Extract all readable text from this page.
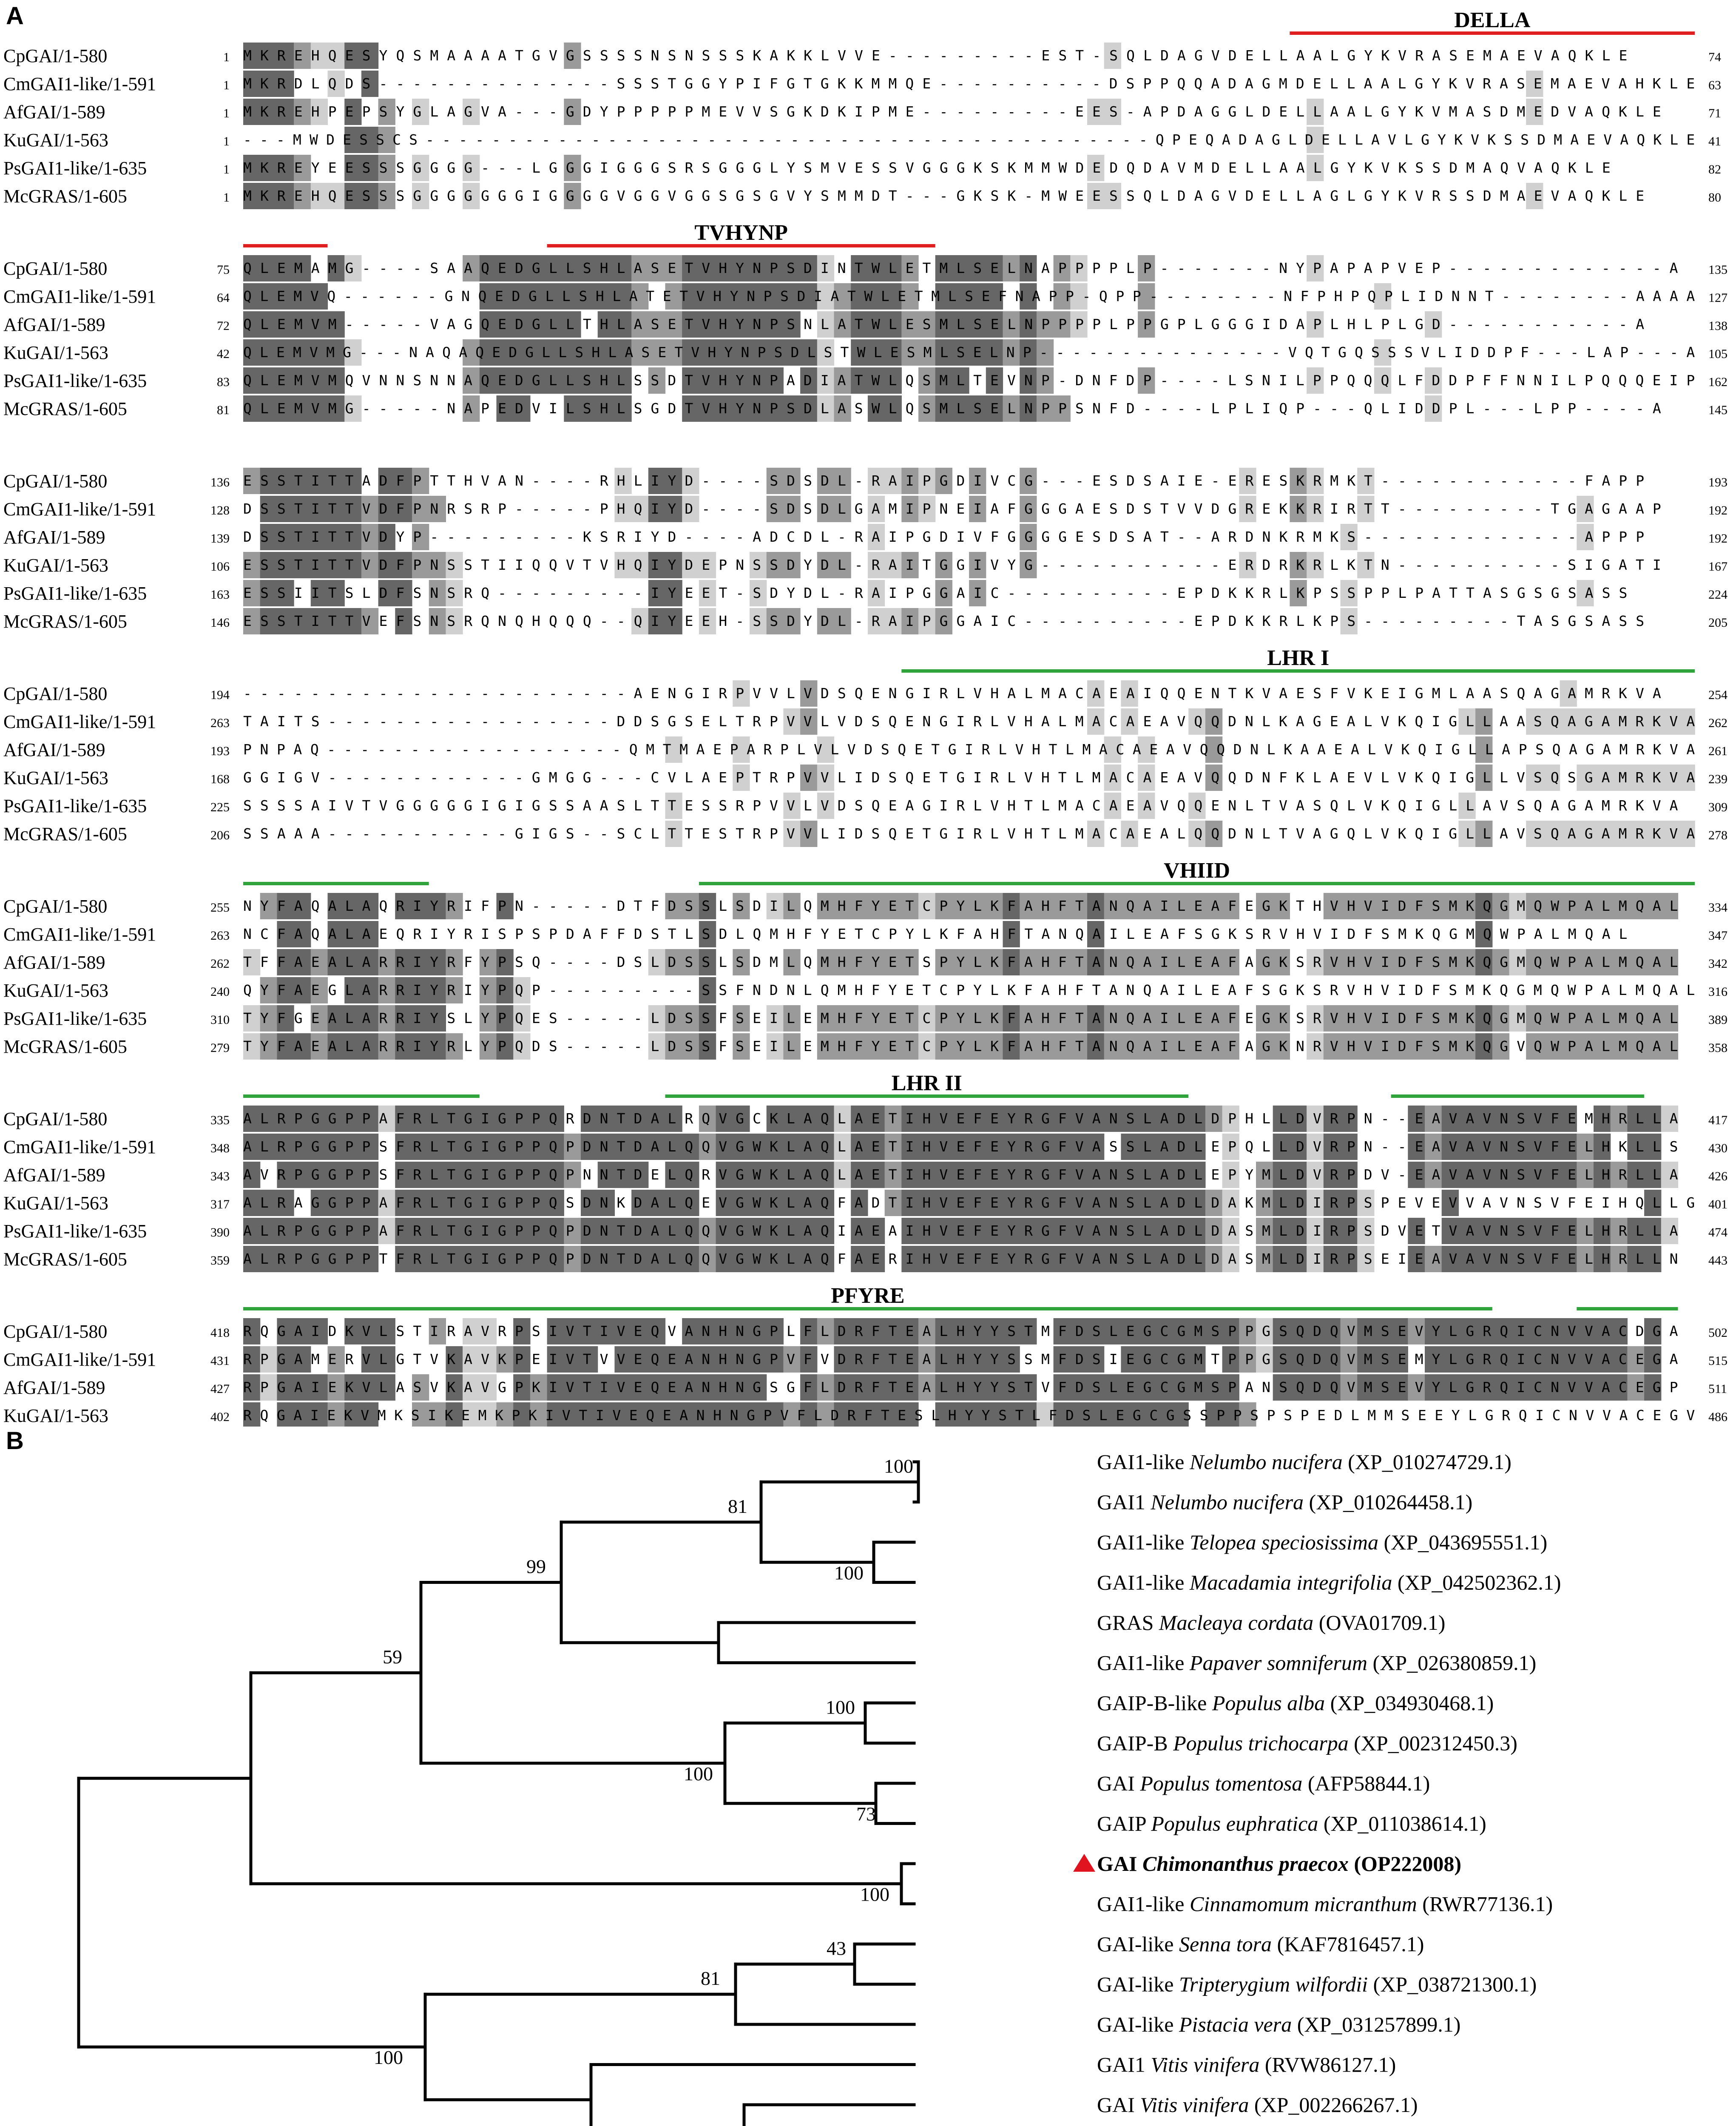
A
B
DELLA
CpGAI/1-580	1 MKREHQESYQSMAAAATGVGSSSSNSNSSSKAKKLVVE---------EST-SQLDAGVDELLAALGYKVRASEMAEVAQKLE	74
CmGAI1-like/1-591	1 MKRDLQDS--------------SSSTGGYPIFGTGKKMMQE----------DSPPQQADAGMDELLAALGYKVRASEMAEVAHKLE 63
AfGAI/1-589	1 MKREHPEPSYGLAGVA---GDYPPPPPMEVVSGKDKIPME---------EES-APDAGGLDELLAALGYKVMASDMEDVAQKLE	71
KuGAI/1-563	1 ---MWDESSCS--------------------------------------------QPEQADAGLDELLAVLGYKVKSSDMAEVAQKLE 41
PsGAI1-like/1-635	1 MKREYEESSSGGGG---LGGGIGGGSRSGGGLYSMVESSVGGGKSKMMWDEDQDAVMDELLAALGYKVKSSDMAQVAQKLE	82
McGRAS/1-605	1 MKREHQESSSGGGGGGGIGGGGVGGVGGSGSGVYSMMDT---GKSK-MWEESSQLDAGVDELLAGLGYKVRSSDMAEVAQKLE	80
TVHYNP
CpGAI/1-580	75 QLEMAMG----SAAQEDGLLSHLASETVHYNPSDINTWLETMLSELNAPPPPLP-------NYPAPAPVEP-------------A 135
CmGAI1-like/1-591	64 QLEMVQ------GNQEDGLLSHLATETVHYNPSDIATWLETMLSEFNAPP-QPP--------NFPHPQPLIDNNT--------AAAA 127
AfGAI/1-589	72 QLEMVM-----VAGQEDGLLTHLASETVHYNPSNLATWLESMLSELNPPPPLPPGPLGGGIDAPLHLPLGD-----------A	138
KuGAI/1-563	42 QLEMVMG---NAQAQEDGLLSHLASETVHYNPSDLSTWLESMLSELNP---------------VQTGQSSSVLIDDPF---LAP---A 105
PsGAI1-like/1-635	83 QLEMVMQVNNSNNAQEDGLLSHLSSDTVHYNPADIATWLQSMLTEVNP-DNFDP----LSNILPPQQQLFDDPFFNNILPQQQEIP 162
McGRAS/1-605	81 QLEMVMG-----NAPEDVILSHLSGDTVHYNPSDLASWLQSMLSELNPPSNFD----LPLIQP---QLIDDPL---LPP----A	145
CpGAI/1-580	136 ESSTITTADFPTTHVAN----RHLIYD----SDSDL-RAIPGDIVCG---ESDSAIE-ERESKRMKT------------FAPP	193
CmGAI1-like/1-591	128 DSSTITTVDFPNRSRP-----PHQIYD----SDSDLGAMIPNEIAFGGGAESDSTVVDGREKKRIRTT---------TGAGAAP	192
AfGAI/1-589	139 DSSTITTVDYP---------KSRIYD----ADCDL-RAIPGDIVFGGGGESDSAT--ARDNKRMKS-------------APPP	192
KuGAI/1-563	106 ESSTITTVDFPNSSTIIQQVTVHQIYDEPNSSDYDL-RAITGGIVYG-----------ERDRKRLKTN----------SIGATI	167
PsGAI1-like/1-635	163 ESSIITSLDFSNSRQ---------IYEET-SDYDL-RAIPGGAIC----------EPDKKRLKPSSPPLPATTASGSGSASS	224
McGRAS/1-605	146 ESSTITTVEFSNSRQNQHQQQ--QIYEEH-SSDYDL-RAIPGGAIC----------EPDKKRLKPS---------TASGSASS	205
LHR I
CpGAI/1-580	194 -----------------------AENGIRPVVLVDSQENGIRLVHALMACAEAIQQENTKVAESFVKEIGMLAASQAGAMRKVA	254
CmGAI1-like/1-591	263 TAITS-----------------DDSGSELTRPVVLVDSQENGIRLVHALMACAEAVQQDNLKAGEALVKQIGLLAASQAGAMRKVA 262
AfGAI/1-589	193 PNPAQ------------------QMTMAEPARPLVLVDSQETGIRLVHTLMACAEAVQQDNLKAAEALVKQIGLLAPSQAGAMRKVA 261
KuGAI/1-563	168 GGIGV------------GMGG---CVLAEPTRPVVLIDSQETGIRLVHTLMACAEAVQQDNFKLAEVLVKQIGLLVSQSGAMRKVA 239
PsGAI1-like/1-635	225 SSSSAIVTVGGGGGIGIGSSAASLTTESSRPVVLVDSQEAGIRLVHTLMACAEAVQQENLTVASQLVKQIGLLAVSQAGAMRKVA 309
McGRAS/1-605	206 SSAAA-----------GIGS--SCLTTESTRPVVLIDSQETGIRLVHTLMACAEALQQDNLTVAGQLVKQIGLLAVSQAGAMRKVA 278
VHIID
CpGAI/1-580	255 NYFAQALAQRIYRIFPN-----DTFDSSLSDILQMHFYETCPYLKFAHFTANQAILEAFEGKTHVHVIDFSMKQGMQWPALMQAL 334
CmGAI1-like/1-591	263 NCFAQALAEQRIYRISPSPDAFFDSTLSDLQMHFYETCPYLKFAHFTANQAILEAFSGKSRVHVIDFSMKQGMQWPALMQAL	347
AfGAI/1-589	262 TFFAEALARRIYRFYPSQ----DSLDSSLSDMLQMHFYETSPYLKFAHFTANQAILEAFAGKSRVHVIDFSMKQGMQWPALMQAL 342
KuGAI/1-563	240 QYFAEGLARRIYRIYPQP---------SSFNDNLQMHFYETCPYLKFAHFTANQAILEAFSGKSRVHVIDFSMKQGMQWPALMQAL 316
PsGAI1-like/1-635	310 TYFGEALARRIYSLYPQES-----LDSSFSEILEMHFYETCPYLKFAHFTANQAILEAFEGKSRVHVIDFSMKQGMQWPALMQAL 389
McGRAS/1-605	279 TYFAEALARRIYRLYPQDS-----LDSSFSEILEMHFYETCPYLKFAHFTANQAILEAFAGKNRVHVIDFSMKQGVQWPALMQAL 358
LHR II
CpGAI/1-580	335 ALRPGGPPAFRLTGIGPPQRDNTDALRQVGCKLAQLAETIHVEFEYRGFVANSLADLDPHLLDVRPN--EAVAVNSVFEMHRLLA 417
CmGAI1-like/1-591	348 ALRPGGPPSFRLTGIGPPQPDNTDALQQVGWKLAQLAETIHVEFEYRGFVASSLADLEPQLLDVRPN--EAVAVNSVFELHKLLS 430
AfGAI/1-589	343 AVRPGGPPSFRLTGIGPPQPNNTDELQRVGWKLAQLAETIHVEFEYRGFVANSLADLEPYMLDVRPDV-EAVAVNSVFELHRLLA 426
KuGAI/1-563	317 ALRAGGPPAFRLTGIGPPQSDNKDALQEVGWKLAQFADTIHVEFEYRGFVANSLADLDAKMLDIRPSPEVEVVAVNSVFEIHQLLG 401
PsGAI1-like/1-635	390 ALRPGGPPAFRLTGIGPPQPDNTDALQQVGWKLAQIAEAIHVEFEYRGFVANSLADLDASMLDIRPSDVETVAVNSVFELHRLLA 474
McGRAS/1-605	359 ALRPGGPPTFRLTGIGPPQPDNTDALQQVGWKLAQFAERIHVEFEYRGFVANSLADLDASMLDIRPSEIEAVAVNSVFELHRLLN 443
PFYRE
CpGAI/1-580	418 RQGAIDKVLSTIRAVRPSIVTIVEQVANHNGPLFLDRFTEALHYYSTMFDSLEGCGMSPPGSQDQVMSEVYLGRQICNVVACDGA 502
CmGAI1-like/1-591	431 RPGAMERVLGTVKAVKPEIVTVVEQEANHNGPVFVDRFTEALHYYSSMFDSIEGCGMTPPGSQDQVMSEMYLGRQICNVVACEGA 515
AfGAI/1-589	427 RPGAIEKVLASVKAVGPKIVTIVEQEANHNGSGFLDRFTEALHYYSTVFDSLEGCGMSPANSQDQVMSEVYLGRQICNVVACEGP 511
KuGAI/1-563	402 RQGAIEKVMKSIKEMKPKIVTIVEQEANHNGPVFLDRFTESLHYYSTLFDSLEGCGSSPPSPSPEDLMMSEEYLGRQICNVVACEGV 486
100
81
100
99
59
100
100
73
100
43
81
100
GAI1-like Nelumbo nucifera (XP_010274729.1)
GAI1 Nelumbo nucifera (XP_010264458.1)
GAI1-like Telopea speciosissima (XP_043695551.1)
GAI1-like Macadamia integrifolia (XP_042502362.1)
GRAS Macleaya cordata (OVA01709.1)
GAI1-like Papaver somniferum (XP_026380859.1)
GAIP-B-like Populus alba (XP_034930468.1)
GAIP-B Populus trichocarpa (XP_002312450.3)
GAI Populus tomentosa (AFP58844.1)
GAIP Populus euphratica (XP_011038614.1)
GAI Chimonanthus praecox (OP222008)
GAI1-like Cinnamomum micranthum (RWR77136.1)
GAI-like Senna tora (KAF7816457.1)
GAI-like Tripterygium wilfordii (XP_038721300.1)
GAI-like Pistacia vera (XP_031257899.1)
GAI1 Vitis vinifera (RVW86127.1)
GAI Vitis vinifera (XP_002266267.1)
